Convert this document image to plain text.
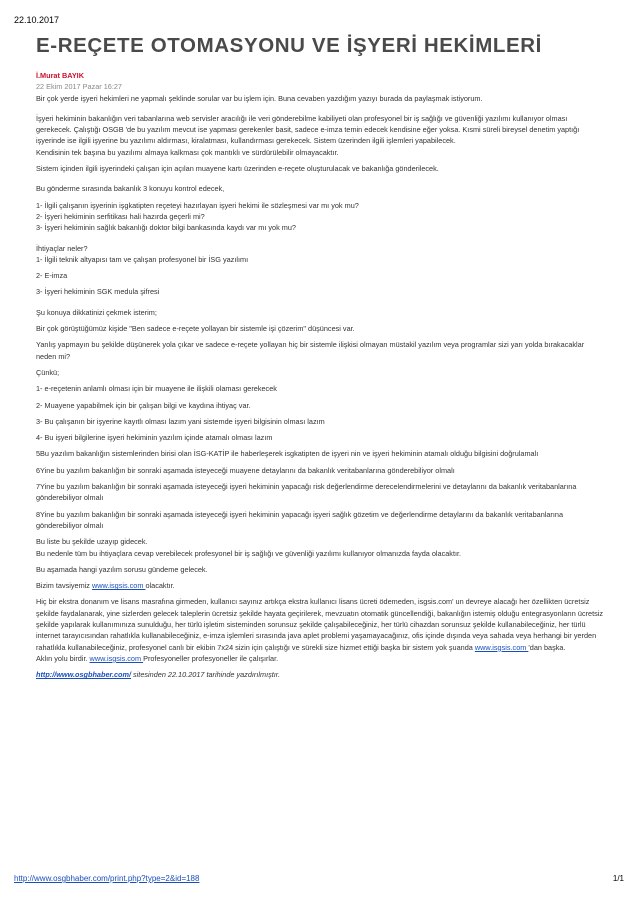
22.10.2017
E-REÇETE OTOMASYONU VE İŞYERİ HEKİMLERİ
İ.Murat BAYIK
22 Ekim 2017 Pazar 16:27
Bir çok yerde işyeri hekimleri ne yapmalı şeklinde sorular var bu işlem için. Buna cevaben yazdığım yazıyı burada da paylaşmak istiyorum.
İşyeri hekiminin bakanlığın veri tabanlarına web servisler aracılığı ile veri gönderebilme kabiliyeti olan profesyonel bir iş sağlığı ve güvenliği yazılımı kullanıyor olması gerekecek. Çalıştığı OSGB 'de bu yazılım mevcut ise yapması gerekenler basit, sadece e-imza temin edecek kendisine eğer yoksa. Kısmi süreli bireysel denetim yaptığı işyerinde ise ilgili işyerine bu yazılımı aldırması, kiralatması, kullandırması gerekecek. Sistem üzerinden ilgili işlemleri yapabilecek.
Kendisinin tek başına bu yazılımı almaya kalkması çok mantıklı ve sürdürülebilir olmayacaktır.
Sistem içinden ilgili işyerindeki çalışan için açılan muayene kartı üzerinden e-reçete oluşturulacak ve bakanlığa gönderilecek.
Bu gönderme sırasında bakanlık 3 konuyu kontrol edecek,
1- İlgili çalışanın işyerinin işgkatipten reçeteyi hazırlayan işyeri hekimi ile sözleşmesi var mı yok mu?
2- İşyeri hekiminin serfitikası hali hazırda geçerli mi?
3- İşyeri hekiminin sağlık bakanlığı doktor bilgi bankasında kaydı var mı yok mu?
İhtiyaçlar neler?
1- İlgili teknik altyapısı tam ve çalışan profesyonel bir İSG yazılımı
2- E-imza
3- İşyeri hekiminin SGK medula şifresi
Şu konuya dikkatinizi çekmek isterim;
Bir çok görüştüğümüz kişide "Ben sadece e-reçete yollayan bir sistemle işi çözerim" düşüncesi var.
Yanlış yapmayın bu şekilde düşünerek yola çıkar ve sadece e-reçete yollayan hiç bir sistemle ilişkisi olmayan müstakil yazılım veya programlar sizi yarı yolda bırakacaklar neden mi?
Çünkü;
1- e-reçetenin anlamlı olması için bir muayene ile ilişkili olaması gerekecek
2- Muayene yapabilmek için bir çalışan bilgi ve kaydına ihtiyaç var.
3- Bu çalışanın bir işyerine kayıtlı olması lazım yani sistemde işyeri bilgisinin olması lazım
4- Bu işyeri bilgilerine işyeri hekiminin yazılım içinde atamalı olması lazım
5Bu yazılım bakanlığın sistemlerinden birisi olan İSG-KATİP ile haberleşerek isgkatipten de işyeri nin ve işyeri hekiminin atamalı olduğu bilgisini doğrulamalı
6Yine bu yazılım bakanlığın bir sonraki aşamada isteyeceği muayene detaylarını da bakanlık veritabanlarına gönderebiliyor olmalı
7Yine bu yazılım bakanlığın bir sonraki aşamada isteyeceği işyeri hekiminin yapacağı risk değerlendirme derecelendirmelerini ve detaylarını da bakanlık veritabanlarına gönderebiliyor olmalı
8Yine bu yazılım bakanlığın bir sonraki aşamada isteyeceği işyeri hekiminin yapacağı işyeri sağlık gözetim ve değerlendirme detaylarını da bakanlık veritabanlarına gönderebiliyor olmalı
Bu liste bu şekilde uzayıp gidecek.
Bu nedenle tüm bu ihtiyaçlara cevap verebilecek profesyonel bir iş sağlığı ve güvenliği yazılımı kullanıyor olmanızda fayda olacaktır.
Bu aşamada hangi yazılım sorusu gündeme gelecek.
Bizim tavsiyemiz www.isgsis.com olacaktır.
Hiç bir ekstra donanım ve lisans masrafına girmeden, kullanıcı sayınız artıkça ekstra kullanıcı lisans ücreti ödemeden, isgsis.com' un devreye alacağı her özellikten ücretsiz şekilde faydalanarak, yine sizlerden gelecek taleplerin ücretsiz şekilde hayata geçirilerek, mevzuatın otomatik güncellendiği, bakanlığın istemiş olduğu entegrasyonların ücretsiz şekilde yapılarak kullanımınıza sunulduğu, her türlü işletim sisteminden sorunsuz şekilde çalışabileceğiniz, her türlü cihazdan sorunsuz şekilde kullanabileceğiniz, her türlü internet tarayıcısından rahatlıkla kullanabileceğiniz, e-imza işlemleri sırasında java aplet problemi yaşamayacağınız, ofis içinde dışında veya sahada veya herhangi bir yerden rahatlıkla kullanabileceğiniz, profesyonel canlı bir ekibin 7x24 sizin için çalıştığı ve sürekli size hizmet ettiği başka bir sistem yok şuanda www.isgsis.com 'dan başka.
Aklın yolu birdir. www.isgsis.com Profesyoneller profesyoneller ile çalışırlar.
http://www.osgbhaber.com/ sitesinden 22.10.2017 tarihinde yazdırılmıştır.
http://www.osgbhaber.com/print.php?type=2&id=188	1/1
